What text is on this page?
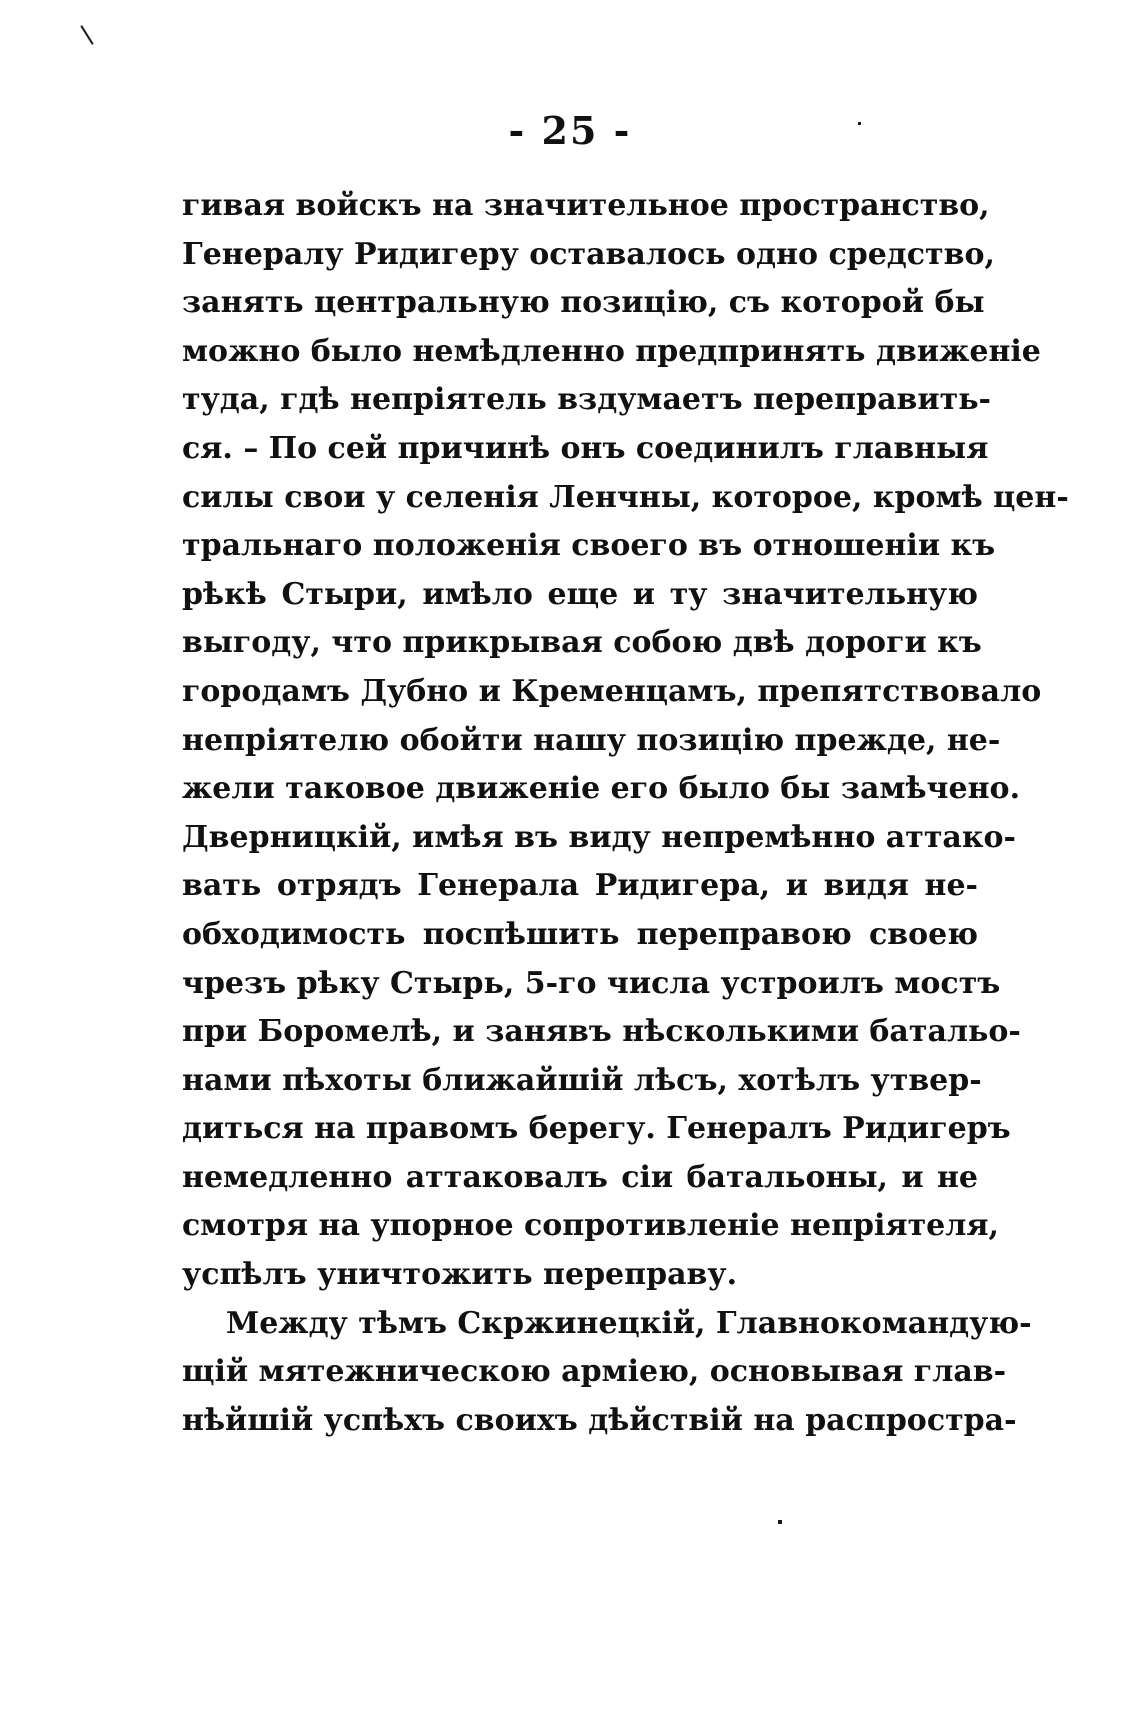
- 25 -
гивая войскъ на значительное пространство,
Генералу Ридигеру оставалось одно средство,
занять центральную позицію, съ которой бы
можно было немѣдленно предпринять движеніе
туда, гдѣ непріятель вздумаетъ переправить-
ся. – По сей причинѣ онъ соединилъ главныя
силы свои у селенія Ленчны, которое, кромѣ цен-
тральнаго положенія своего въ отношеніи къ
рѣкѣ Стыри, имѣло еще и ту значительную
выгоду, что прикрывая собою двѣ дороги къ
городамъ Дубно и Кременцамъ, препятствовало
непріятелю обойти нашу позицію прежде, не-
жели таковое движеніе его было бы замѣчено.
Дверницкій, имѣя въ виду непремѣнно аттако-
вать отрядъ Генерала Ридигера, и видя не-
обходимость поспѣшить переправою своею
чрезъ рѣку Стырь, 5-го числа устроилъ мостъ
при Боромелѣ, и занявъ нѣсколькими батальо-
нами пѣхоты ближайшій лѣсъ, хотѣлъ утвер-
диться на правомъ берегу. Генералъ Ридигеръ
немедленно аттаковалъ сіи батальоны, и не
смотря на упорное сопротивленіе непріятеля,
успѣлъ уничтожить переправу.
Между тѣмъ Скржинецкій, Главнокомандую-
щій мятежническою арміею, основывая глав-
нѣйшій успѣхъ своихъ дѣйствій на распростра-
